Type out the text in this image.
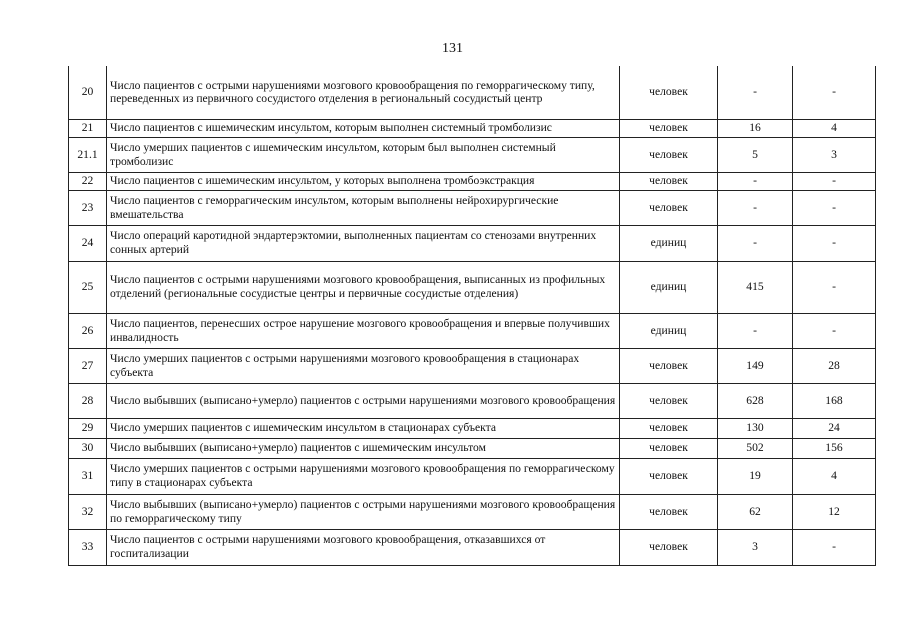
131
20	Число пациентов с острыми нарушениями мозгового кровообращения по геморрагическому типу, переведенных из первичного сосудистого отделения в региональный сосудистый центр	человек	-	-
21	Число пациентов с ишемическим инсультом, которым выполнен системный тромболизис	человек	16	4
21.1	Число умерших пациентов с ишемическим инсультом, которым был выполнен системный тромболизис	человек	5	3
22	Число пациентов с ишемическим инсультом, у которых выполнена тромбоэкстракция	человек	-	-
23	Число пациентов с геморрагическим инсультом, которым выполнены нейрохирургические вмешательства	человек	-	-
24	Число операций каротидной эндартерэктомии, выполненных пациентам со стенозами внутренних сонных артерий	единиц	-	-
25	Число пациентов с острыми нарушениями мозгового кровообращения, выписанных из профильных отделений (региональные сосудистые центры и первичные сосудистые отделения)	единиц	415	-
26	Число пациентов, перенесших острое нарушение мозгового кровообращения и впервые получивших инвалидность	единиц	-	-
27	Число умерших пациентов с острыми нарушениями мозгового кровообращения в стационарах субъекта	человек	149	28
28	Число выбывших (выписано+умерло) пациентов с острыми нарушениями мозгового кровообращения	человек	628	168
29	Число умерших пациентов с ишемическим инсультом в стационарах субъекта	человек	130	24
30	Число выбывших (выписано+умерло) пациентов с ишемическим инсультом	человек	502	156
31	Число умерших пациентов с острыми нарушениями мозгового кровообращения по геморрагическому типу в стационарах субъекта	человек	19	4
32	Число выбывших (выписано+умерло) пациентов с острыми нарушениями мозгового кровообращения по геморрагическому типу	человек	62	12
33	Число пациентов с острыми нарушениями мозгового кровообращения, отказавшихся от госпитализации	человек	3	-
